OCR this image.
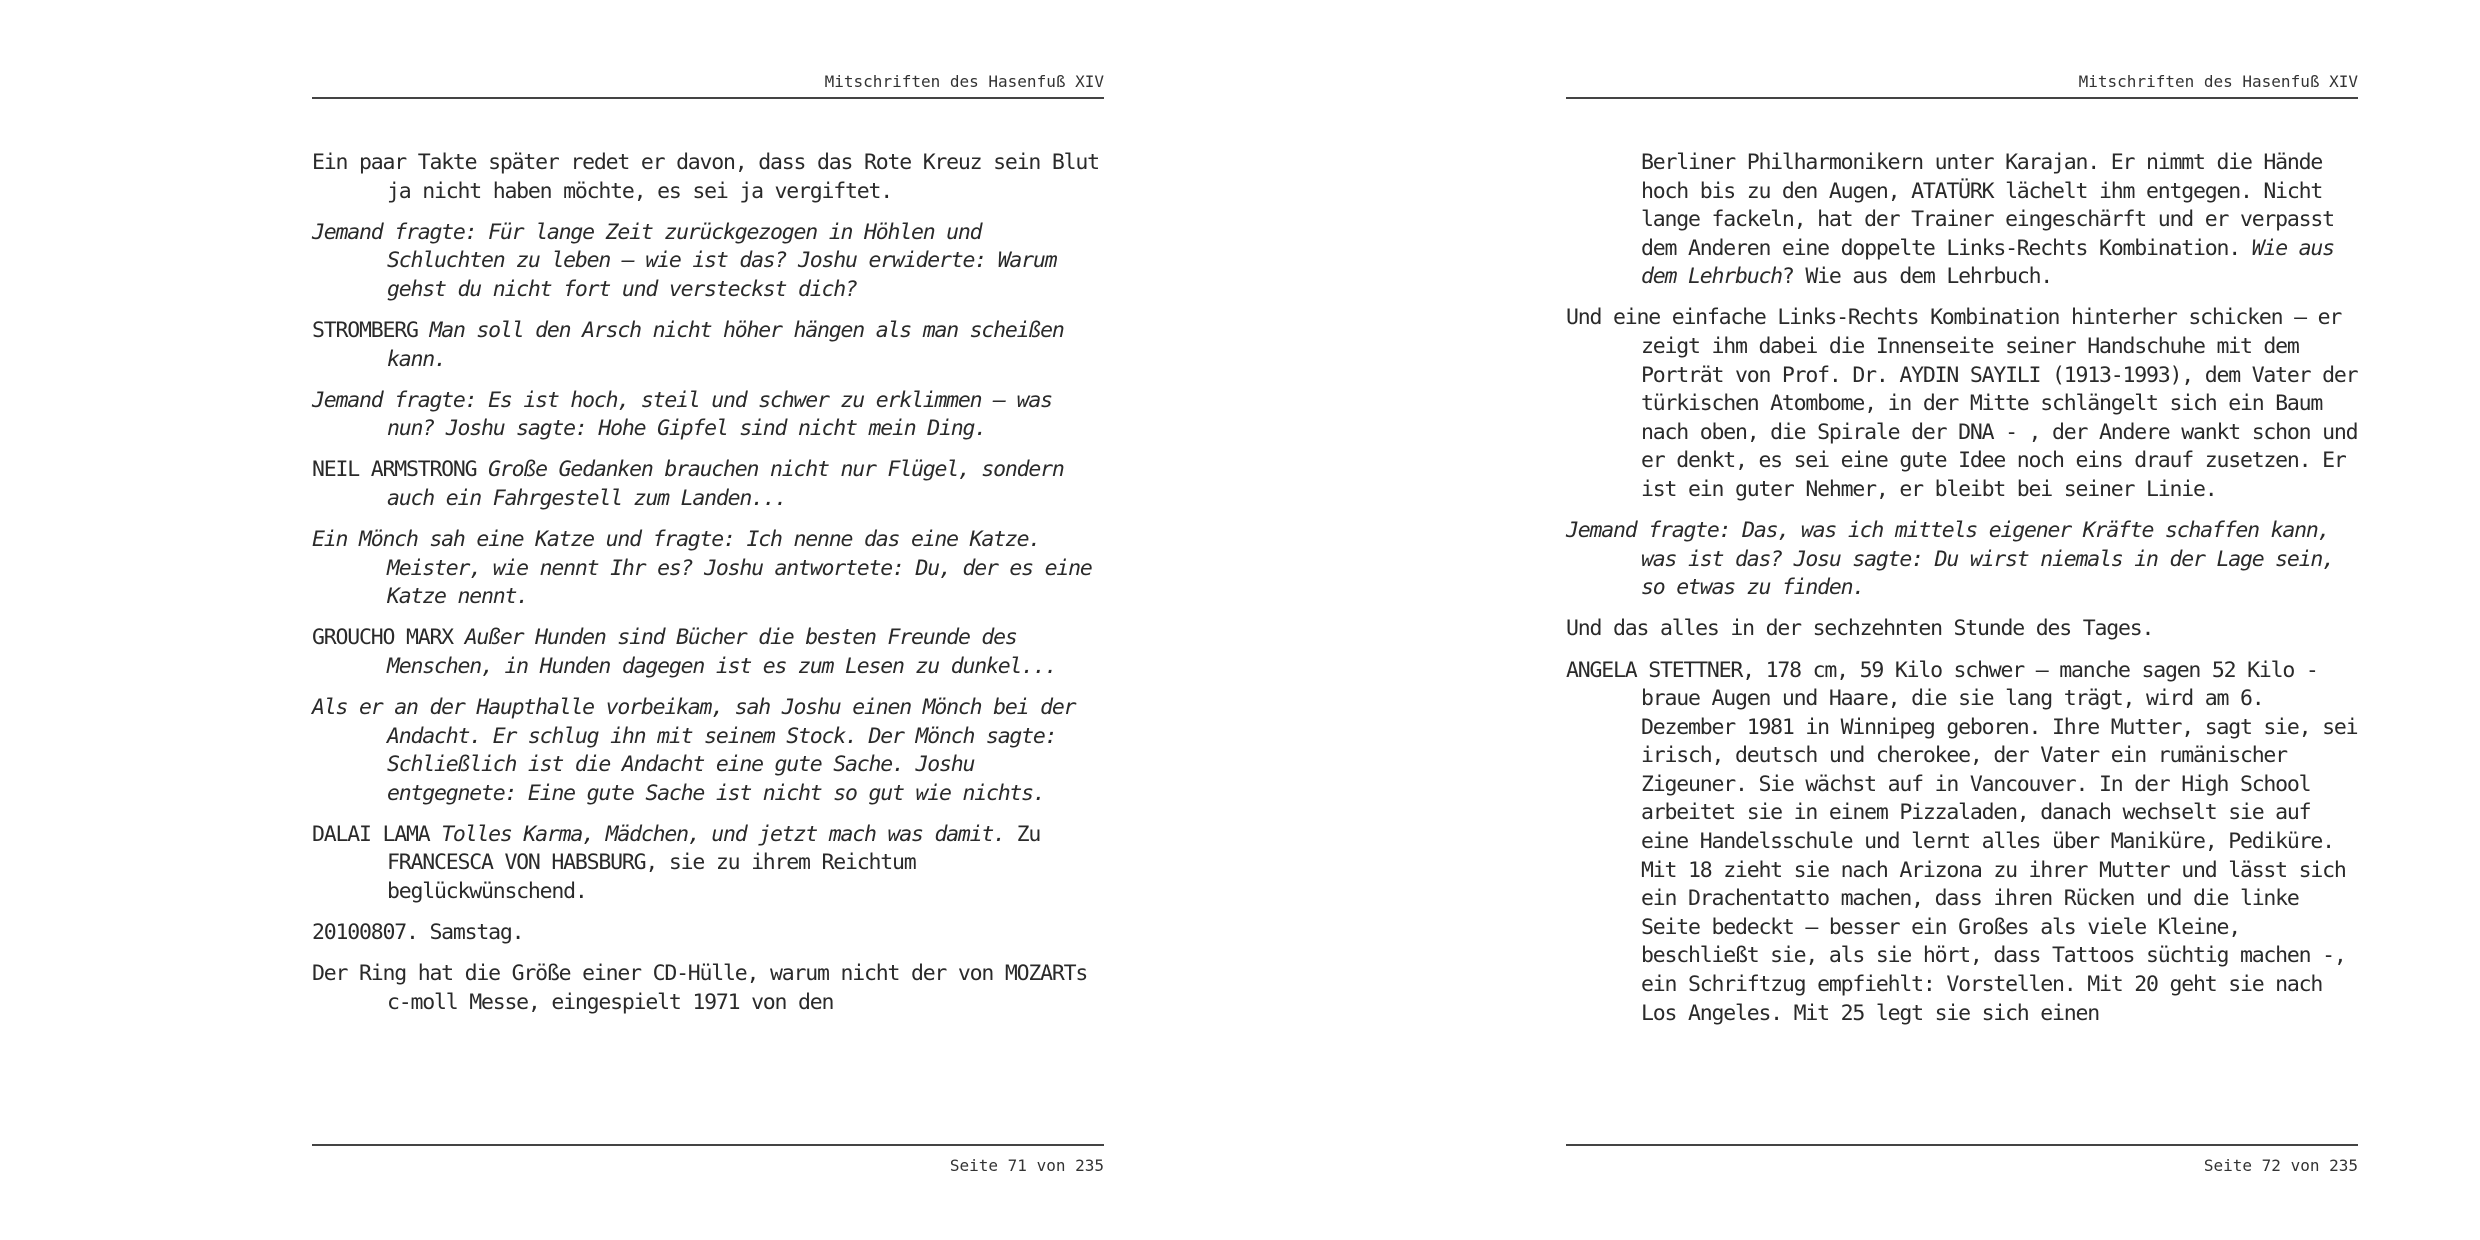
Mitschriften des Hasenfuß XIV

Ein paar Takte später redet er davon, dass das Rote Kreuz sein Blut ja nicht haben möchte, es sei ja vergiftet.

Jemand fragte: Für lange Zeit zurückgezogen in Höhlen und Schluchten zu leben – wie ist das? Joshu erwiderte: Warum gehst du nicht fort und versteckst dich?

STROMBERG Man soll den Arsch nicht höher hängen als man scheißen kann.

Jemand fragte: Es ist hoch, steil und schwer zu erklimmen – was nun? Joshu sagte: Hohe Gipfel sind nicht mein Ding.

NEIL ARMSTRONG Große Gedanken brauchen nicht nur Flügel, sondern auch ein Fahrgestell zum Landen...

Ein Mönch sah eine Katze und fragte: Ich nenne das eine Katze. Meister, wie nennt Ihr es? Joshu antwortete: Du, der es eine Katze nennt.

GROUCHO MARX Außer Hunden sind Bücher die besten Freunde des Menschen, in Hunden dagegen ist es zum Lesen zu dunkel...

Als er an der Haupthalle vorbeikam, sah Joshu einen Mönch bei der Andacht. Er schlug ihn mit seinem Stock. Der Mönch sagte: Schließlich ist die Andacht eine gute Sache. Joshu entgegnete: Eine gute Sache ist nicht so gut wie nichts.

DALAI LAMA Tolles Karma, Mädchen, und jetzt mach was damit. Zu FRANCESCA VON HABSBURG, sie zu ihrem Reichtum beglückwünschend.

20100807. Samstag.

Der Ring hat die Größe einer CD-Hülle, warum nicht der von MOZARTs c-moll Messe, eingespielt 1971 von den

Seite 71 von 235
Mitschriften des Hasenfuß XIV

Berliner Philharmonikern unter Karajan. Er nimmt die Hände hoch bis zu den Augen, ATATÜRK lächelt ihm entgegen. Nicht lange fackeln, hat der Trainer eingeschärft und er verpasst dem Anderen eine doppelte Links-Rechts Kombination. Wie aus dem Lehrbuch? Wie aus dem Lehrbuch.

Und eine einfache Links-Rechts Kombination hinterher schicken – er zeigt ihm dabei die Innenseite seiner Handschuhe mit dem Porträt von Prof. Dr. AYDIN SAYILI (1913-1993), dem Vater der türkischen Atombome, in der Mitte schlängelt sich ein Baum nach oben, die Spirale der DNA - , der Andere wankt schon und er denkt, es sei eine gute Idee noch eins drauf zusetzen. Er ist ein guter Nehmer, er bleibt bei seiner Linie.

Jemand fragte: Das, was ich mittels eigener Kräfte schaffen kann, was ist das? Josu sagte: Du wirst niemals in der Lage sein, so etwas zu finden.

Und das alles in der sechzehnten Stunde des Tages.

ANGELA STETTNER, 178 cm, 59 Kilo schwer – manche sagen 52 Kilo - braue Augen und Haare, die sie lang trägt, wird am 6. Dezember 1981 in Winnipeg geboren. Ihre Mutter, sagt sie, sei irisch, deutsch und cherokee, der Vater ein rumänischer Zigeuner. Sie wächst auf in Vancouver. In der High School arbeitet sie in einem Pizzaladen, danach wechselt sie auf eine Handelsschule und lernt alles über Maniküre, Pediküre. Mit 18 zieht sie nach Arizona zu ihrer Mutter und lässt sich ein Drachentatto machen, dass ihren Rücken und die linke Seite bedeckt – besser ein Großes als viele Kleine, beschließt sie, als sie hört, dass Tattoos süchtig machen -, ein Schriftzug empfiehlt: Vorstellen. Mit 20 geht sie nach Los Angeles. Mit 25 legt sie sich einen

Seite 72 von 235
